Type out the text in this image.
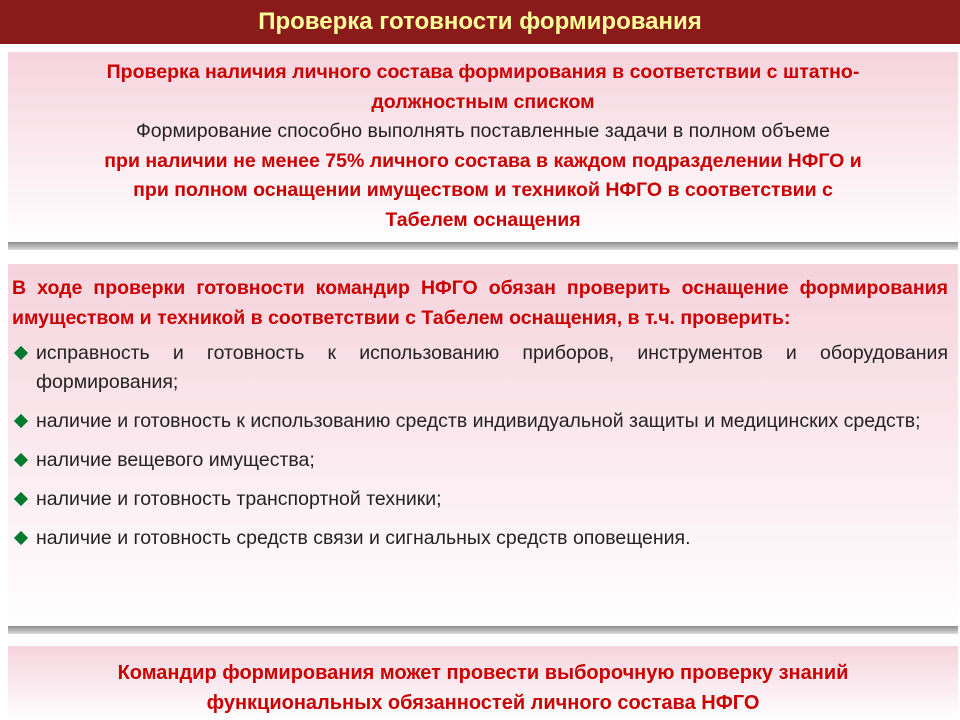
Проверка готовности формирования
Проверка наличия личного состава формирования в соответствии с штатно-
должностным списком
Формирование способно выполнять поставленные задачи в полном объеме
при наличии не менее 75% личного состава в каждом подразделении НФГО и
при полном оснащении имуществом и техникой НФГО в соответствии с
Табелем оснащения
В ходе проверки готовности командир НФГО обязан проверить оснащение формирования имуществом и техникой в соответствии с Табелем оснащения, в т.ч. проверить:
исправность и готовность к использованию приборов, инструментов и оборудования формирования;
наличие и готовность к использованию средств индивидуальной защиты и медицинских средств;
наличие вещевого имущества;
наличие и готовность транспортной техники;
наличие и готовность средств связи и сигнальных средств оповещения.
Командир формирования может провести выборочную проверку знаний
функциональных обязанностей личного состава НФГО
